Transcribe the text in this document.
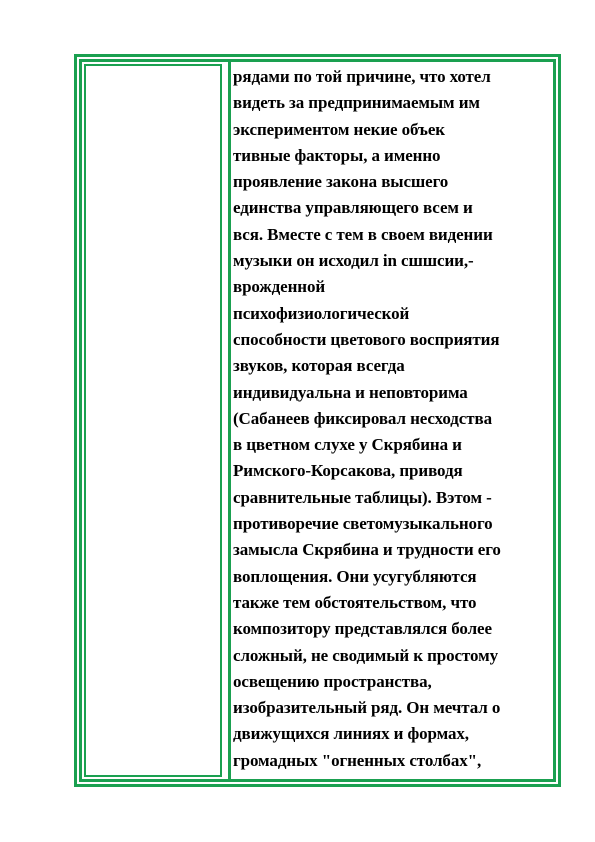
рядами по той причине, что хотел
видеть за предпринимаемым им
экспериментом некие объек
тивные факторы, а именно
проявление закона высшего
единства управляющего всем и
вся. Вместе с тем в своем видении
музыки он исходил in сшшсии,-
врожденной
психофизиологической
способности цветового восприятия
звуков, которая всегда
индивидуальна и неповторима
(Сабанеев фиксировал несходства
в цветном слухе у Скрябина и
Римского-Корсакова, приводя
сравнительные таблицы). Вэтом -
противоречие светомузыкального
замысла Скрябина и трудности его
воплощения. Они усугубляются
также тем обстоятельством, что
композитору представлялся более
сложный, не сводимый к простому
освещению пространства,
изобразительный ряд. Он мечтал о
движущихся линиях и формах,
громадных "огненных столбах",
